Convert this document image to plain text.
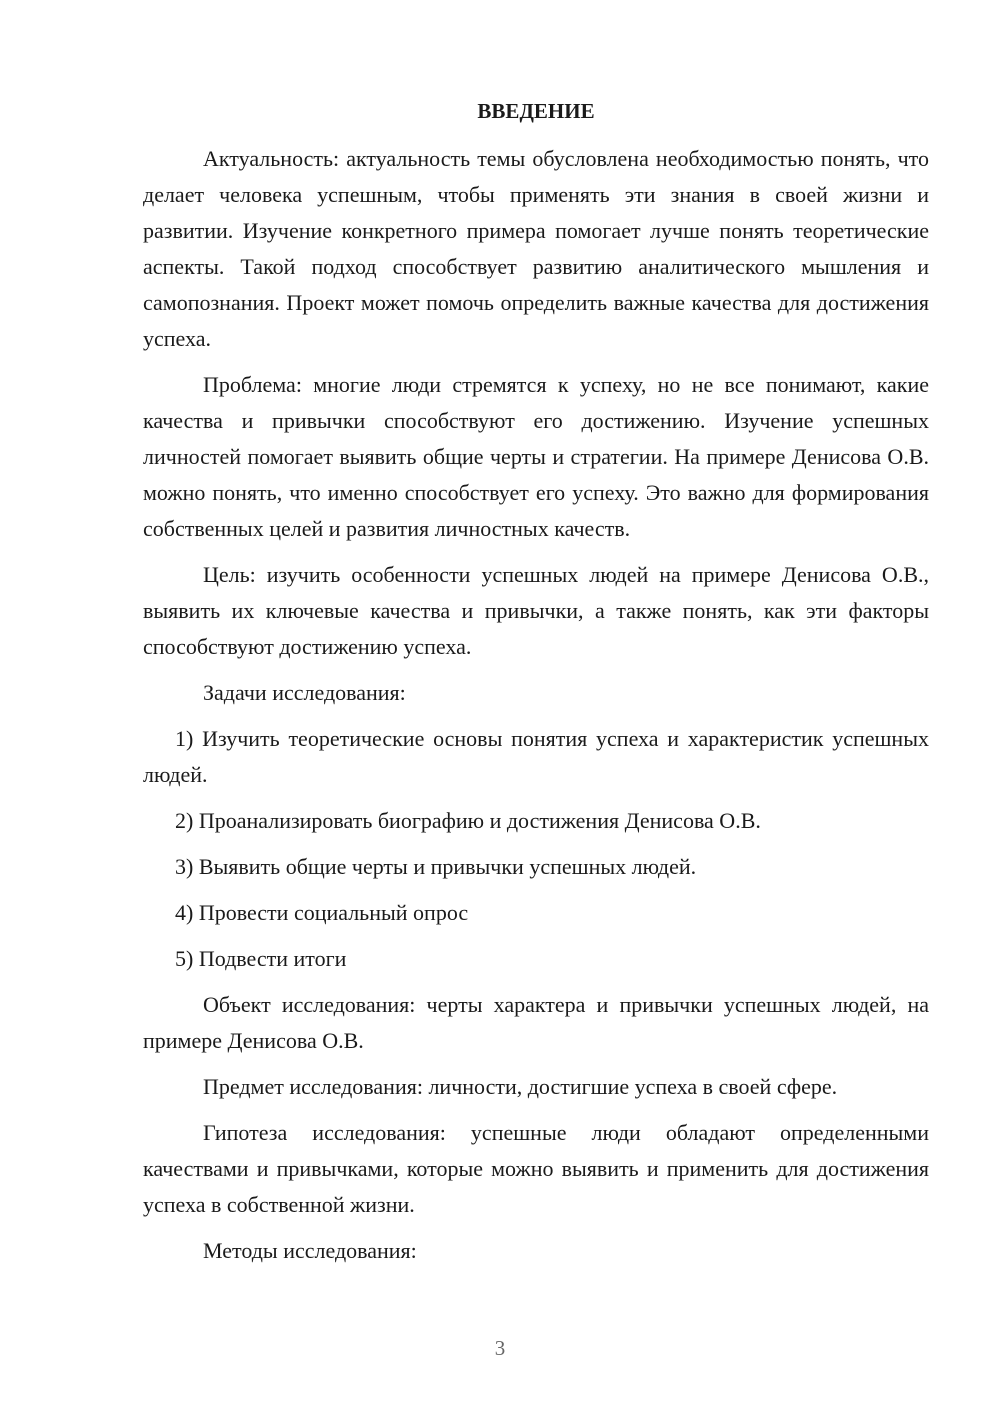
ВВЕДЕНИЕ

Актуальность: актуальность темы обусловлена необходимостью понять, что делает человека успешным, чтобы применять эти знания в своей жизни и развитии. Изучение конкретного примера помогает лучше понять теоретические аспекты. Такой подход способствует развитию аналитического мышления и самопознания. Проект может помочь определить важные качества для достижения успеха.

Проблема: многие люди стремятся к успеху, но не все понимают, какие качества и привычки способствуют его достижению. Изучение успешных личностей помогает выявить общие черты и стратегии. На примере Денисова О.В. можно понять, что именно способствует его успеху. Это важно для формирования собственных целей и развития личностных качеств.

Цель: изучить особенности успешных людей на примере Денисова О.В., выявить их ключевые качества и привычки, а также понять, как эти факторы способствуют достижению успеха.

Задачи исследования:

1) Изучить теоретические основы понятия успеха и характеристик успешных людей.

2) Проанализировать биографию и достижения Денисова О.В.

3) Выявить общие черты и привычки успешных людей.

4) Провести социальный опрос

5) Подвести итоги

Объект исследования: черты характера и привычки успешных людей, на примере Денисова О.В.

Предмет исследования: личности, достигшие успеха в своей сфере.

Гипотеза исследования: успешные люди обладают определенными качествами и привычками, которые можно выявить и применить для достижения успеха в собственной жизни.

Методы исследования:

3
